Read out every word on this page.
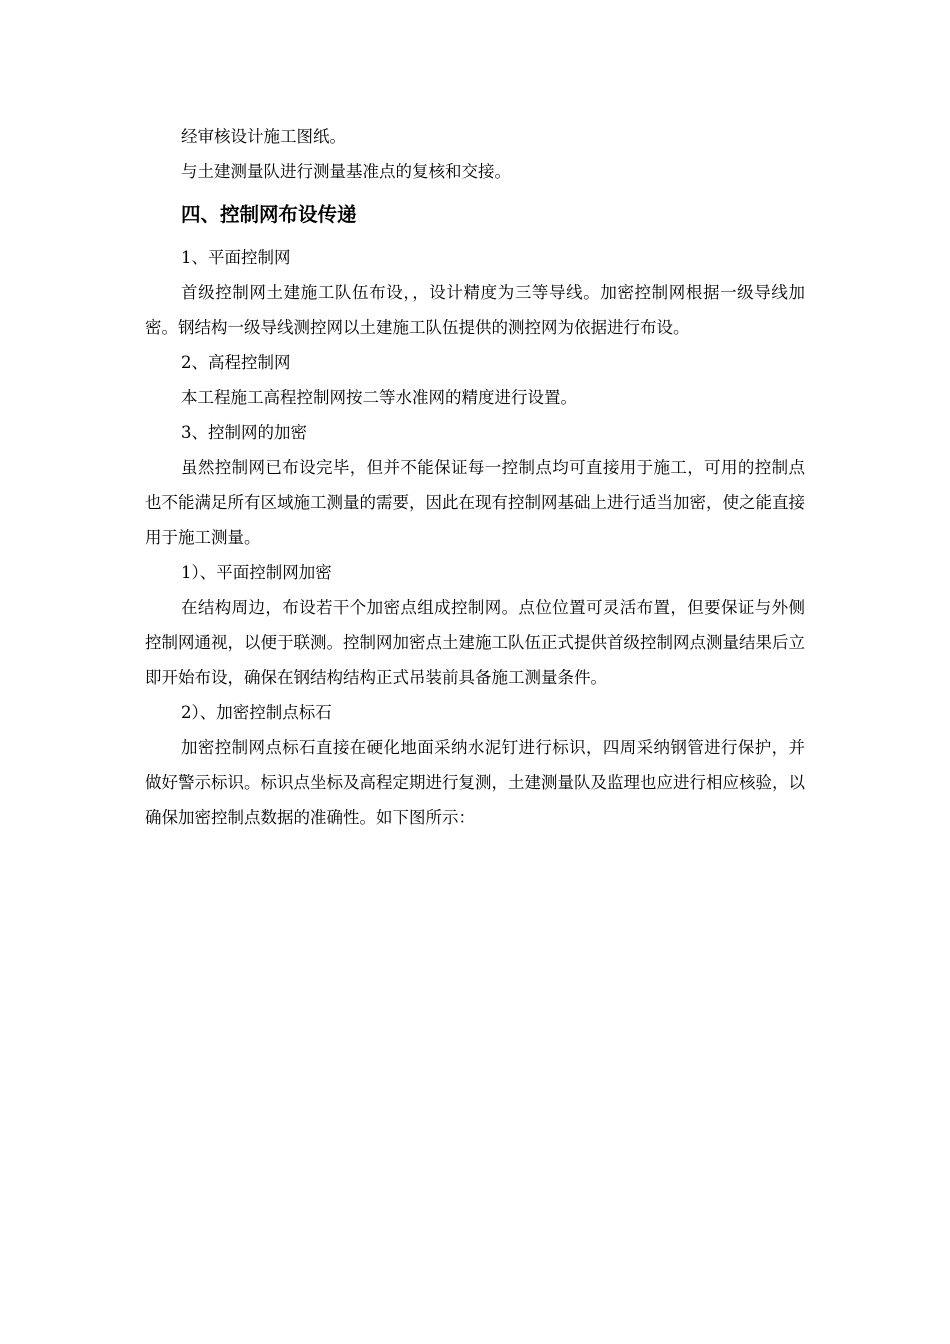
经审核设计施工图纸。

与土建测量队进行测量基准点的复核和交接。

四、控制网布设传递

1、平面控制网

首级控制网土建施工队伍布设，，设计精度为三等导线。加密控制网根据一级导线加密。钢结构一级导线测控网以土建施工队伍提供的测控网为依据进行布设。

2、高程控制网

本工程施工高程控制网按二等水准网的精度进行设置。

3、控制网的加密

虽然控制网已布设完毕，但并不能保证每一控制点均可直接用于施工，可用的控制点也不能满足所有区域施工测量的需要，因此在现有控制网基础上进行适当加密，使之能直接用于施工测量。

1）、平面控制网加密

在结构周边，布设若干个加密点组成控制网。点位位置可灵活布置，但要保证与外侧控制网通视，以便于联测。控制网加密点土建施工队伍正式提供首级控制网点测量结果后立即开始布设，确保在钢结构结构正式吊装前具备施工测量条件。

2）、加密控制点标石

加密控制网点标石直接在硬化地面采纳水泥钉进行标识，四周采纳钢管进行保护，并做好警示标识。标识点坐标及高程定期进行复测，土建测量队及监理也应进行相应核验，以确保加密控制点数据的准确性。如下图所示：
